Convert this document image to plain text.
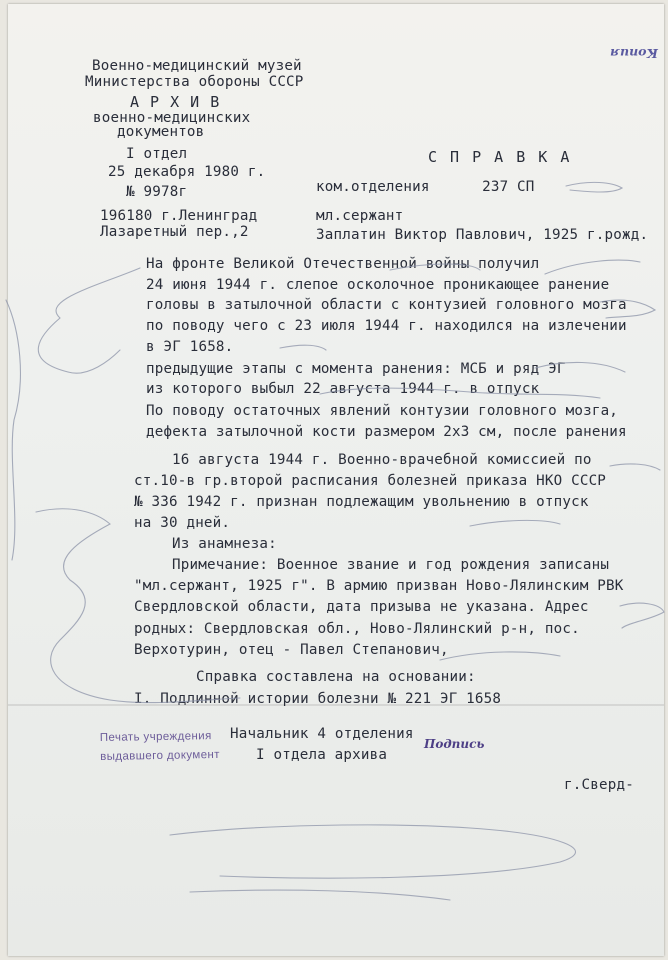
Военно-медицинский музей
Министерства обороны СССР
А Р Х И В
военно-медицинских
документов
I отдел
25 декабря 1980 г.
№ 9978г
196180 г.Ленинград
Лазаретный пер.,2
Копия
С П Р А В К А
ком.отделения      237 СП
мл.сержант
Заплатин Виктор Павлович, 1925 г.рожд.
На фронте Великой Отечественной войны получил
24 июня 1944 г. слепое осколочное проникающее ранение
головы в затылочной области с контузией головного мозга
по поводу чего с 23 июля 1944 г. находился на излечении
в ЭГ 1658.
предыдущие этапы с момента ранения: МСБ и ряд ЭГ
из которого выбыл 22 августа 1944 г. в отпуск
По поводу остаточных явлений контузии головного мозга,
дефекта затылочной кости размером 2х3 см, после ранения
16 августа 1944 г. Военно-врачебной комиссией по
ст.10-в гр.второй расписания болезней приказа НКО СССР
№ 336 1942 г. признан подлежащим увольнению в отпуск
на 30 дней.
Из анамнеза:
Примечание: Военное звание и год рождения записаны
"мл.сержант, 1925 г". В армию призван Ново-Лялинским РВК
Свердловской области, дата призыва не указана. Адрес
родных: Свердловская обл., Ново-Лялинский р-н, пос.
Верхотурин, отец - Павел Степанович,
Справка составлена на основании:
I. Подлинной истории болезни № 221 ЭГ 1658
Печать учреждения
выдавшего документ
Начальник 4 отделения
I отдела архива
Подпись
г.Сверд-
